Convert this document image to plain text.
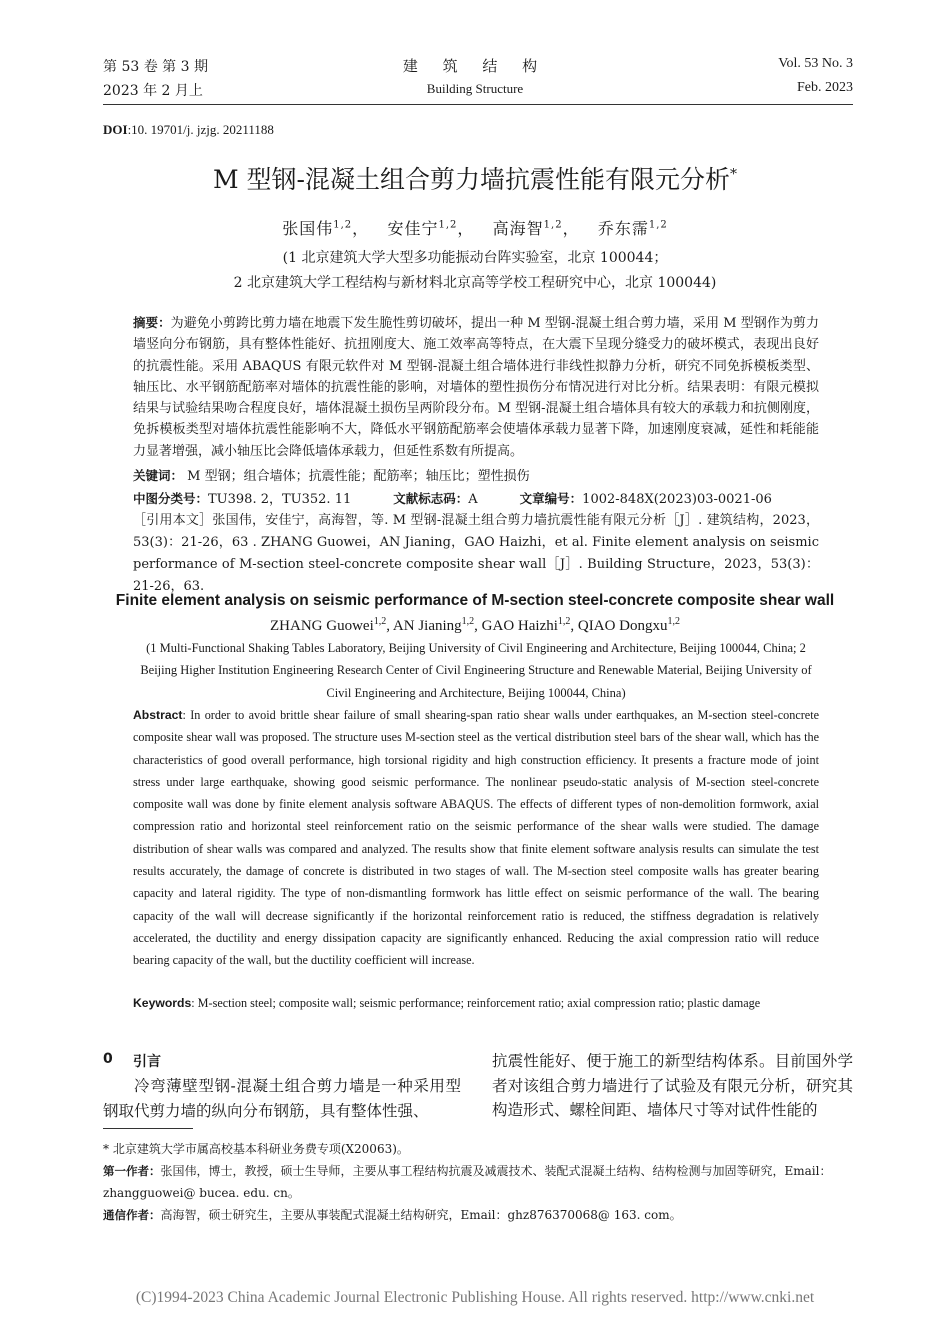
第 53 卷 第 3 期
2023 年 2 月上
建 筑 结 构
Building Structure
Vol. 53 No. 3
Feb. 2023
DOI:10. 19701/j. jzjg. 20211188
M 型钢-混凝土组合剪力墙抗震性能有限元分析*
张国伟$^{1,2}$， 安佳宁$^{1,2}$， 高海智$^{1,2}$， 乔东霈$^{1,2}$
(1 北京建筑大学大型多功能振动台阵实验室，北京 100044；
2 北京建筑大学工程结构与新材料北京高等学校工程研究中心，北京 100044)
摘要：为避免小剪跨比剪力墙在地震下发生脆性剪切破坏，提出一种 M 型钢-混凝土组合剪力墙，采用 M 型钢作为剪力墙竖向分布钢筋，具有整体性能好、抗扭刚度大、施工效率高等特点，在大震下呈现分缝受力的破坏模式，表现出良好的抗震性能。采用 ABAQUS 有限元软件对 M 型钢-混凝土组合墙体进行非线性拟静力分析，研究不同免拆模板类型、轴压比、水平钢筋配筋率对墙体的抗震性能的影响，对墙体的塑性损伤分布情况进行对比分析。结果表明：有限元模拟结果与试验结果吻合程度良好，墙体混凝土损伤呈两阶段分布。M 型钢-混凝土组合墙体具有较大的承载力和抗侧刚度，免拆模板类型对墙体抗震性能影响不大，降低水平钢筋配筋率会使墙体承载力显著下降，加速刚度衰减，延性和耗能能力显著增强，减小轴压比会降低墙体承载力，但延性系数有所提高。
关键词： M 型钢；组合墙体；抗震性能；配筋率；轴压比；塑性损伤
中图分类号：TU398. 2，TU352. 11	文献标志码：A	文章编号：1002-848X(2023)03-0021-06
［引用本文］张国伟，安佳宁，高海智，等. M 型钢-混凝土组合剪力墙抗震性能有限元分析［J］. 建筑结构，2023，53(3)：21-26，63 . ZHANG Guowei，AN Jianing，GAO Haizhi，et al. Finite element analysis on seismic performance of M-section steel-concrete composite shear wall［J］. Building Structure，2023，53(3)：21-26，63.
Finite element analysis on seismic performance of M-section steel-concrete composite shear wall
ZHANG Guowei$^{1,2}$, AN Jianing$^{1,2}$, GAO Haizhi$^{1,2}$, QIAO Dongxu$^{1,2}$
(1 Multi-Functional Shaking Tables Laboratory, Beijing University of Civil Engineering and Architecture, Beijing 100044, China; 2 Beijing Higher Institution Engineering Research Center of Civil Engineering Structure and Renewable Material, Beijing University of Civil Engineering and Architecture, Beijing 100044, China)
Abstract: In order to avoid brittle shear failure of small shearing-span ratio shear walls under earthquakes, an M-section steel-concrete composite shear wall was proposed. The structure uses M-section steel as the vertical distribution steel bars of the shear wall, which has the characteristics of good overall performance, high torsional rigidity and high construction efficiency. It presents a fracture mode of joint stress under large earthquake, showing good seismic performance. The nonlinear pseudo-static analysis of M-section steel-concrete composite wall was done by finite element analysis software ABAQUS. The effects of different types of non-demolition formwork, axial compression ratio and horizontal steel reinforcement ratio on the seismic performance of the shear walls were studied. The damage distribution of shear walls was compared and analyzed. The results show that finite element software analysis results can simulate the test results accurately, the damage of concrete is distributed in two stages of wall. The M-section steel composite walls has greater bearing capacity and lateral rigidity. The type of non-dismantling formwork has little effect on seismic performance of the wall. The bearing capacity of the wall will decrease significantly if the horizontal reinforcement ratio is reduced, the stiffness degradation is relatively accelerated, the ductility and energy dissipation capacity are significantly enhanced. Reducing the axial compression ratio will reduce bearing capacity of the wall, but the ductility coefficient will increase.
Keywords: M-section steel; composite wall; seismic performance; reinforcement ratio; axial compression ratio; plastic damage
0 引言
冷弯薄壁型钢-混凝土组合剪力墙是一种采用型钢取代剪力墙的纵向分布钢筋，具有整体性强、
抗震性能好、便于施工的新型结构体系。目前国外学者对该组合剪力墙进行了试验及有限元分析，研究其构造形式、螺栓间距、墙体尺寸等对试件性能的
* 北京建筑大学市属高校基本科研业务费专项(X20063)。
第一作者：张国伟，博士，教授，硕士生导师，主要从事工程结构抗震及减震技术、装配式混凝土结构、结构检测与加固等研究，Email：zhangguowei@ bucea. edu. cn。
通信作者：高海智，硕士研究生，主要从事装配式混凝土结构研究，Email：ghz876370068@ 163. com。
(C)1994-2023 China Academic Journal Electronic Publishing House. All rights reserved. http://www.cnki.net
